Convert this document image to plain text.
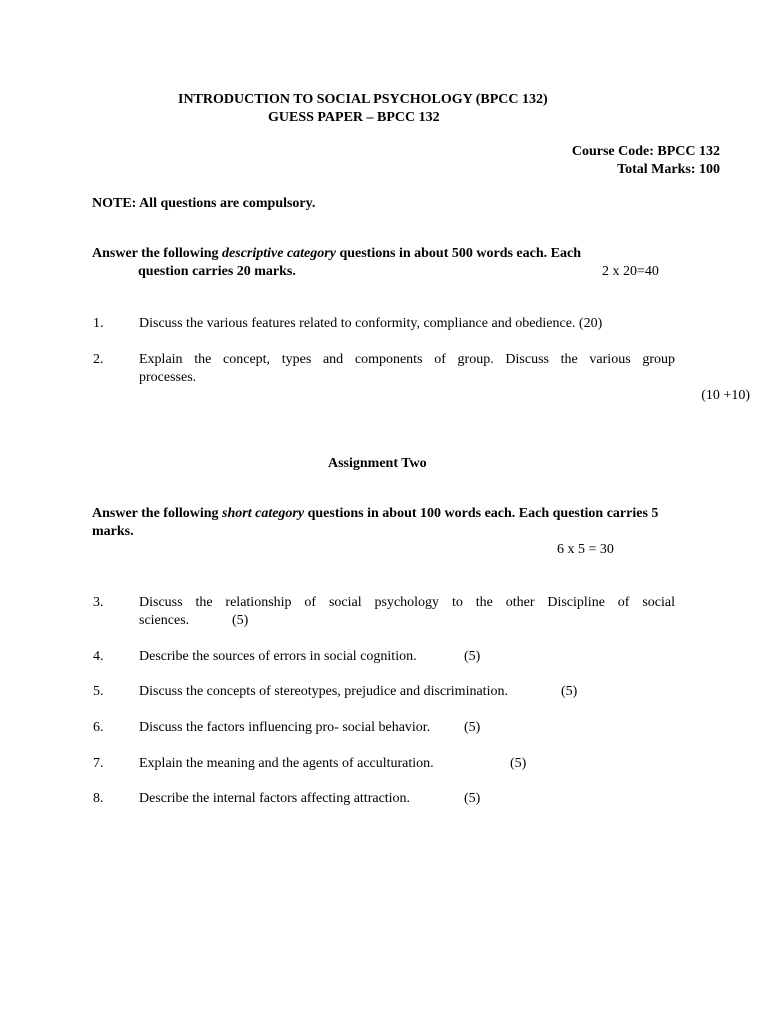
INTRODUCTION TO SOCIAL PSYCHOLOGY (BPCC 132)
GUESS PAPER – BPCC 132
Course Code: BPCC 132
Total Marks: 100
NOTE: All questions are compulsory.
Answer the following descriptive category questions in about 500 words each. Each
question carries 20 marks.	2 x 20=40
1.	Discuss the various features related to conformity, compliance and obedience. (20)
2.	Explain the concept, types and components of group. Discuss the various group
processes.
(10 +10)
Assignment Two
Answer the following short category questions in about 100 words each. Each question carries 5
marks.
6 x 5 = 30
3.	Discuss the relationship of social psychology to the other Discipline of social
sciences.	(5)
4.	Describe the sources of errors in social cognition.	(5)
5.	Discuss the concepts of stereotypes, prejudice and discrimination.	(5)
6.	Discuss the factors influencing pro- social behavior. (5)
7.	Explain the meaning and the agents of acculturation.	(5)
8.	Describe the internal factors affecting attraction.	(5)
